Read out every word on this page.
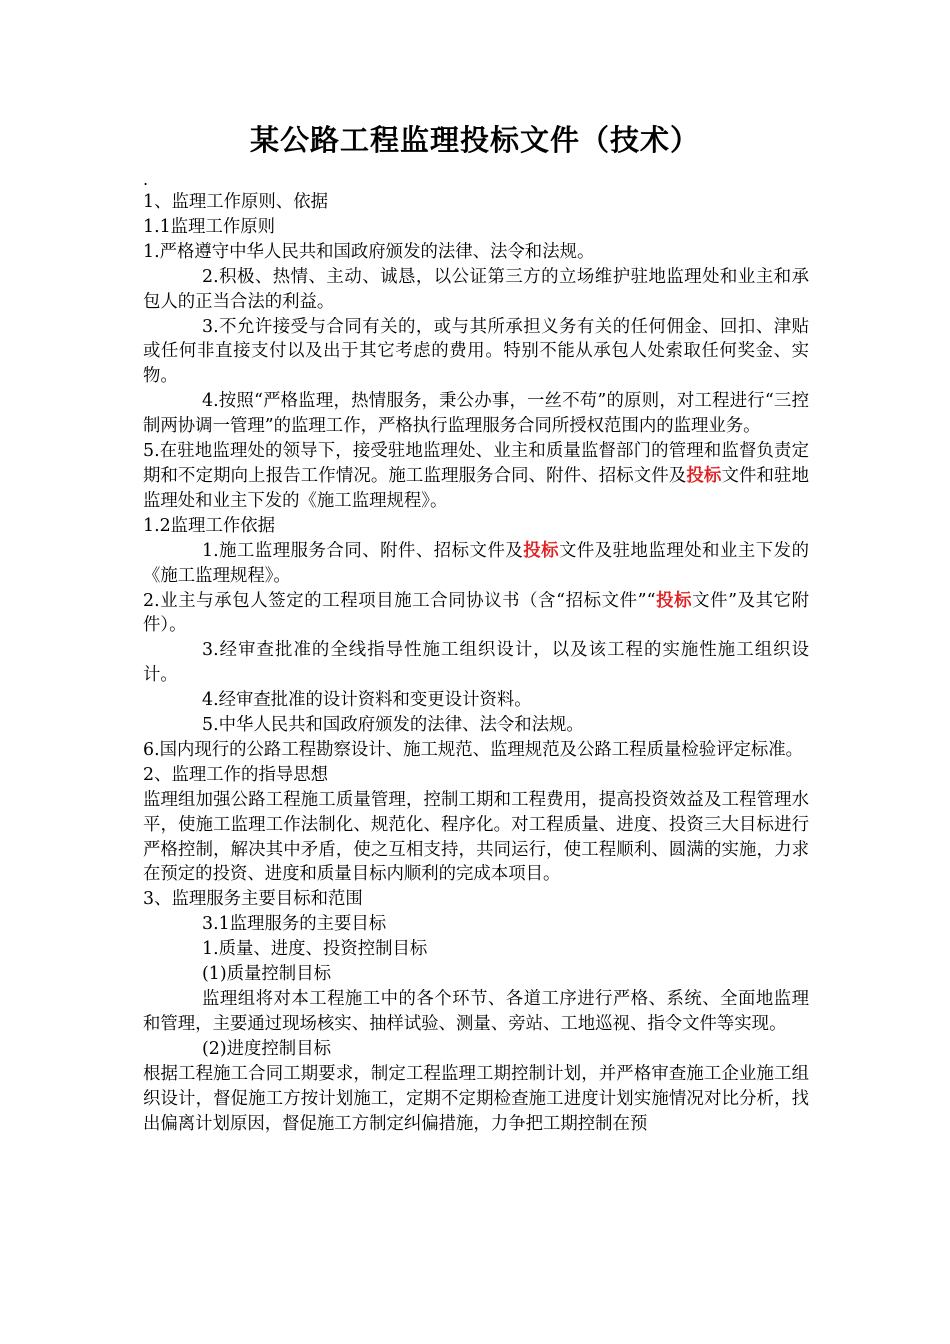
某公路工程监理投标文件（技术）
.

1、监理工作原则、依据

1.1监理工作原则

1.严格遵守中华人民共和国政府颁发的法律、法令和法规。

2.积极、热情、主动、诚恳，以公证第三方的立场维护驻地监理处和业主和承包人的正当合法的利益。

3.不允许接受与合同有关的，或与其所承担义务有关的任何佣金、回扣、津贴或任何非直接支付以及出于其它考虑的费用。特别不能从承包人处索取任何奖金、实物。

4.按照“严格监理，热情服务，秉公办事，一丝不苟”的原则，对工程进行“三控制两协调一管理”的监理工作，严格执行监理服务合同所授权范围内的监理业务。

5.在驻地监理处的领导下，接受驻地监理处、业主和质量监督部门的管理和监督负责定期和不定期向上报告工作情况。施工监理服务合同、附件、招标文件及投标文件和驻地监理处和业主下发的《施工监理规程》。

1.2监理工作依据

1.施工监理服务合同、附件、招标文件及投标文件及驻地监理处和业主下发的《施工监理规程》。

2.业主与承包人签定的工程项目施工合同协议书（含“招标文件”“投标文件”及其它附件）。

3.经审查批准的全线指导性施工组织设计，以及该工程的实施性施工组织设计。

4.经审查批准的设计资料和变更设计资料。

5.中华人民共和国政府颁发的法律、法令和法规。

6.国内现行的公路工程勘察设计、施工规范、监理规范及公路工程质量检验评定标准。

2、监理工作的指导思想

监理组加强公路工程施工质量管理，控制工期和工程费用，提高投资效益及工程管理水平，使施工监理工作法制化、规范化、程序化。对工程质量、进度、投资三大目标进行严格控制，解决其中矛盾，使之互相支持，共同运行，使工程顺利、圆满的实施，力求在预定的投资、进度和质量目标内顺利的完成本项目。

3、监理服务主要目标和范围

3.1监理服务的主要目标

1.质量、进度、投资控制目标

(1)质量控制目标

监理组将对本工程施工中的各个环节、各道工序进行严格、系统、全面地监理和管理，主要通过现场核实、抽样试验、测量、旁站、工地巡视、指令文件等实现。

(2)进度控制目标

根据工程施工合同工期要求，制定工程监理工期控制计划，并严格审查施工企业施工组织设计，督促施工方按计划施工，定期不定期检查施工进度计划实施情况对比分析，找出偏离计划原因，督促施工方制定纠偏措施，力争把工期控制在预
